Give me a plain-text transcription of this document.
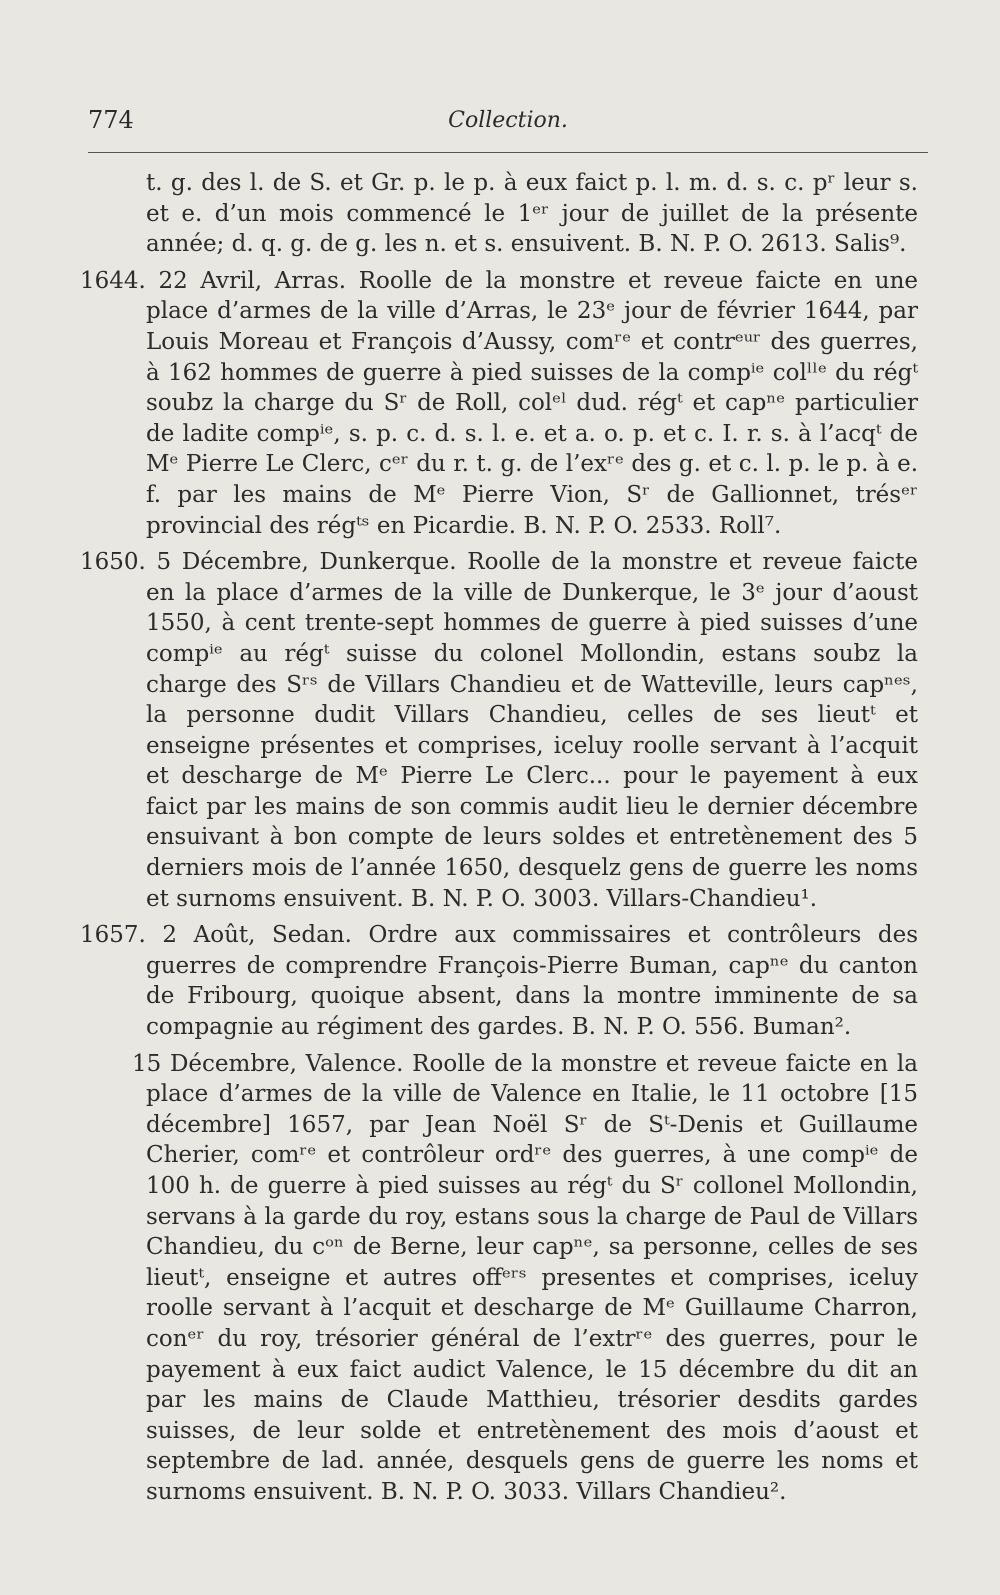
774	Collection.

t. g. des l. de S. et Gr. p. le p. à eux faict p. l. m. d. s. c. pʳ leur s. et e. d’un mois commencé le 1ᵉʳ jour de juillet de la présente année; d. q. g. de g. les n. et s. ensuivent. B. N. P. O. 2613. Salis⁹.

1644. 22 Avril, Arras. Roolle de la monstre et reveue faicte en une place d’armes de la ville d’Arras, le 23ᵉ jour de février 1644, par Louis Moreau et François d’Aussy, comʳᵉ et contrᵉᵘʳ des guerres, à 162 hommes de guerre à pied suisses de la compⁱᵉ colˡˡᵉ du régᵗ soubz la charge du Sʳ de Roll, colᵉˡ dud. régᵗ et capⁿᵉ particulier de ladite compⁱᵉ, s. p. c. d. s. l. e. et a. o. p. et c. I. r. s. à l’acqᵗ de Mᵉ Pierre Le Clerc, cᵉʳ du r. t. g. de l’exʳᵉ des g. et c. l. p. le p. à e. f. par les mains de Mᵉ Pierre Vion, Sʳ de Gallionnet, trésᵉʳ provincial des régᵗˢ en Picardie. B. N. P. O. 2533. Roll⁷.

1650. 5 Décembre, Dunkerque. Roolle de la monstre et reveue faicte en la place d’armes de la ville de Dunkerque, le 3ᵉ jour d’aoust 1550, à cent trente-sept hommes de guerre à pied suisses d’une compⁱᵉ au régᵗ suisse du colonel Mollondin, estans soubz la charge des Sʳˢ de Villars Chandieu et de Watteville, leurs capⁿᵉˢ, la personne dudit Villars Chandieu, celles de ses lieutᵗ et enseigne présentes et comprises, iceluy roolle servant à l’acquit et descharge de Mᵉ Pierre Le Clerc... pour le payement à eux faict par les mains de son commis audit lieu le dernier décembre ensuivant à bon compte de leurs soldes et entretènement des 5 derniers mois de l’année 1650, desquelz gens de guerre les noms et surnoms ensuivent. B. N. P. O. 3003. Villars-Chandieu¹.

1657. 2 Août, Sedan. Ordre aux commissaires et contrôleurs des guerres de comprendre François-Pierre Buman, capⁿᵉ du canton de Fribourg, quoique absent, dans la montre imminente de sa compagnie au régiment des gardes. B. N. P. O. 556. Buman².

15 Décembre, Valence. Roolle de la monstre et reveue faicte en la place d’armes de la ville de Valence en Italie, le 11 octobre [15 décembre] 1657, par Jean Noël Sʳ de Sᵗ-Denis et Guillaume Cherier, comʳᵉ et contrôleur ordʳᵉ des guerres, à une compⁱᵉ de 100 h. de guerre à pied suisses au régᵗ du Sʳ collonel Mollondin, servans à la garde du roy, estans sous la charge de Paul de Villars Chandieu, du cᵒⁿ de Berne, leur capⁿᵉ, sa personne, celles de ses lieutᵗ, enseigne et autres offᵉʳˢ presentes et comprises, iceluy roolle servant à l’acquit et descharge de Mᵉ Guillaume Charron, conᵉʳ du roy, trésorier général de l’extrʳᵉ des guerres, pour le payement à eux faict audict Valence, le 15 décembre du dit an par les mains de Claude Matthieu, trésorier desdits gardes suisses, de leur solde et entretènement des mois d’aoust et septembre de lad. année, desquels gens de guerre les noms et surnoms ensuivent. B. N. P. O. 3033. Villars Chandieu².
